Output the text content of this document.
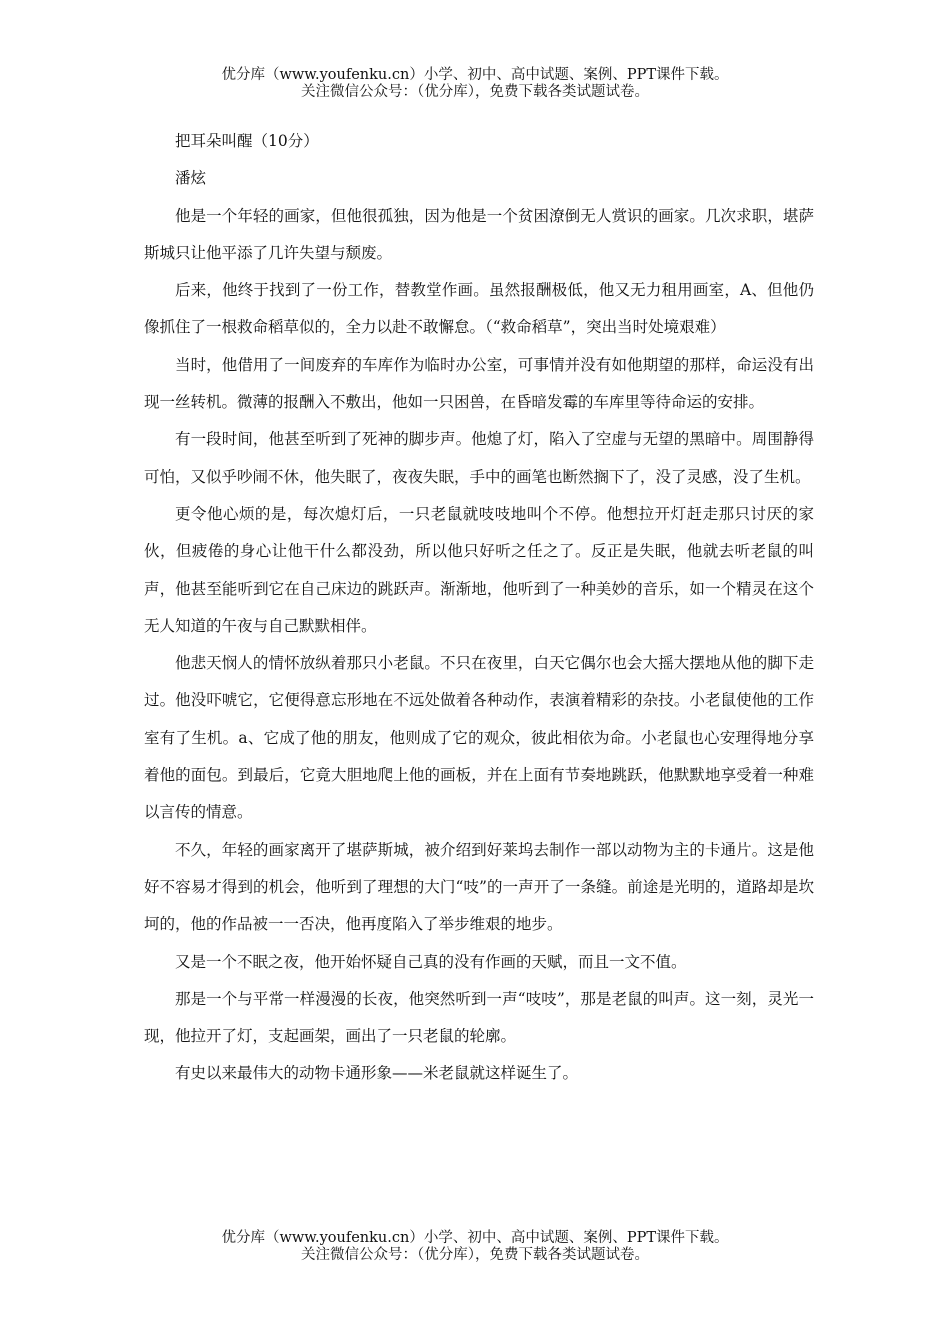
优分库（www.youfenku.cn）小学、初中、高中试题、案例、PPT课件下载。
关注微信公众号：（优分库），免费下载各类试题试卷。

把耳朵叫醒（10分）

潘炫

他是一个年轻的画家，但他很孤独，因为他是一个贫困潦倒无人赏识的画家。几次求职，堪萨斯城只让他平添了几许失望与颓废。

后来，他终于找到了一份工作，替教堂作画。虽然报酬极低，他又无力租用画室，A、但他仍像抓住了一根救命稻草似的，全力以赴不敢懈怠。（“救命稻草”，突出当时处境艰难）

当时，他借用了一间废弃的车库作为临时办公室，可事情并没有如他期望的那样，命运没有出现一丝转机。微薄的报酬入不敷出，他如一只困兽，在昏暗发霉的车库里等待命运的安排。

有一段时间，他甚至听到了死神的脚步声。他熄了灯，陷入了空虚与无望的黑暗中。周围静得可怕，又似乎吵闹不休，他失眠了，夜夜失眠，手中的画笔也断然搁下了，没了灵感，没了生机。

更令他心烦的是，每次熄灯后，一只老鼠就吱吱地叫个不停。他想拉开灯赶走那只讨厌的家伙，但疲倦的身心让他干什么都没劲，所以他只好听之任之了。反正是失眠，他就去听老鼠的叫声，他甚至能听到它在自己床边的跳跃声。渐渐地，他听到了一种美妙的音乐，如一个精灵在这个无人知道的午夜与自己默默相伴。

他悲天悯人的情怀放纵着那只小老鼠。不只在夜里，白天它偶尔也会大摇大摆地从他的脚下走过。他没吓唬它，它便得意忘形地在不远处做着各种动作，表演着精彩的杂技。小老鼠使他的工作室有了生机。a、它成了他的朋友，他则成了它的观众，彼此相依为命。小老鼠也心安理得地分享着他的面包。到最后，它竟大胆地爬上他的画板，并在上面有节奏地跳跃，他默默地享受着一种难以言传的情意。

不久，年轻的画家离开了堪萨斯城，被介绍到好莱坞去制作一部以动物为主的卡通片。这是他好不容易才得到的机会，他听到了理想的大门“吱”的一声开了一条缝。前途是光明的，道路却是坎坷的，他的作品被一一否决，他再度陷入了举步维艰的地步。

又是一个不眠之夜，他开始怀疑自己真的没有作画的天赋，而且一文不值。

那是一个与平常一样漫漫的长夜，他突然听到一声“吱吱”，那是老鼠的叫声。这一刻，灵光一现，他拉开了灯，支起画架，画出了一只老鼠的轮廓。

有史以来最伟大的动物卡通形象——米老鼠就这样诞生了。

优分库（www.youfenku.cn）小学、初中、高中试题、案例、PPT课件下载。
关注微信公众号：（优分库），免费下载各类试题试卷。
